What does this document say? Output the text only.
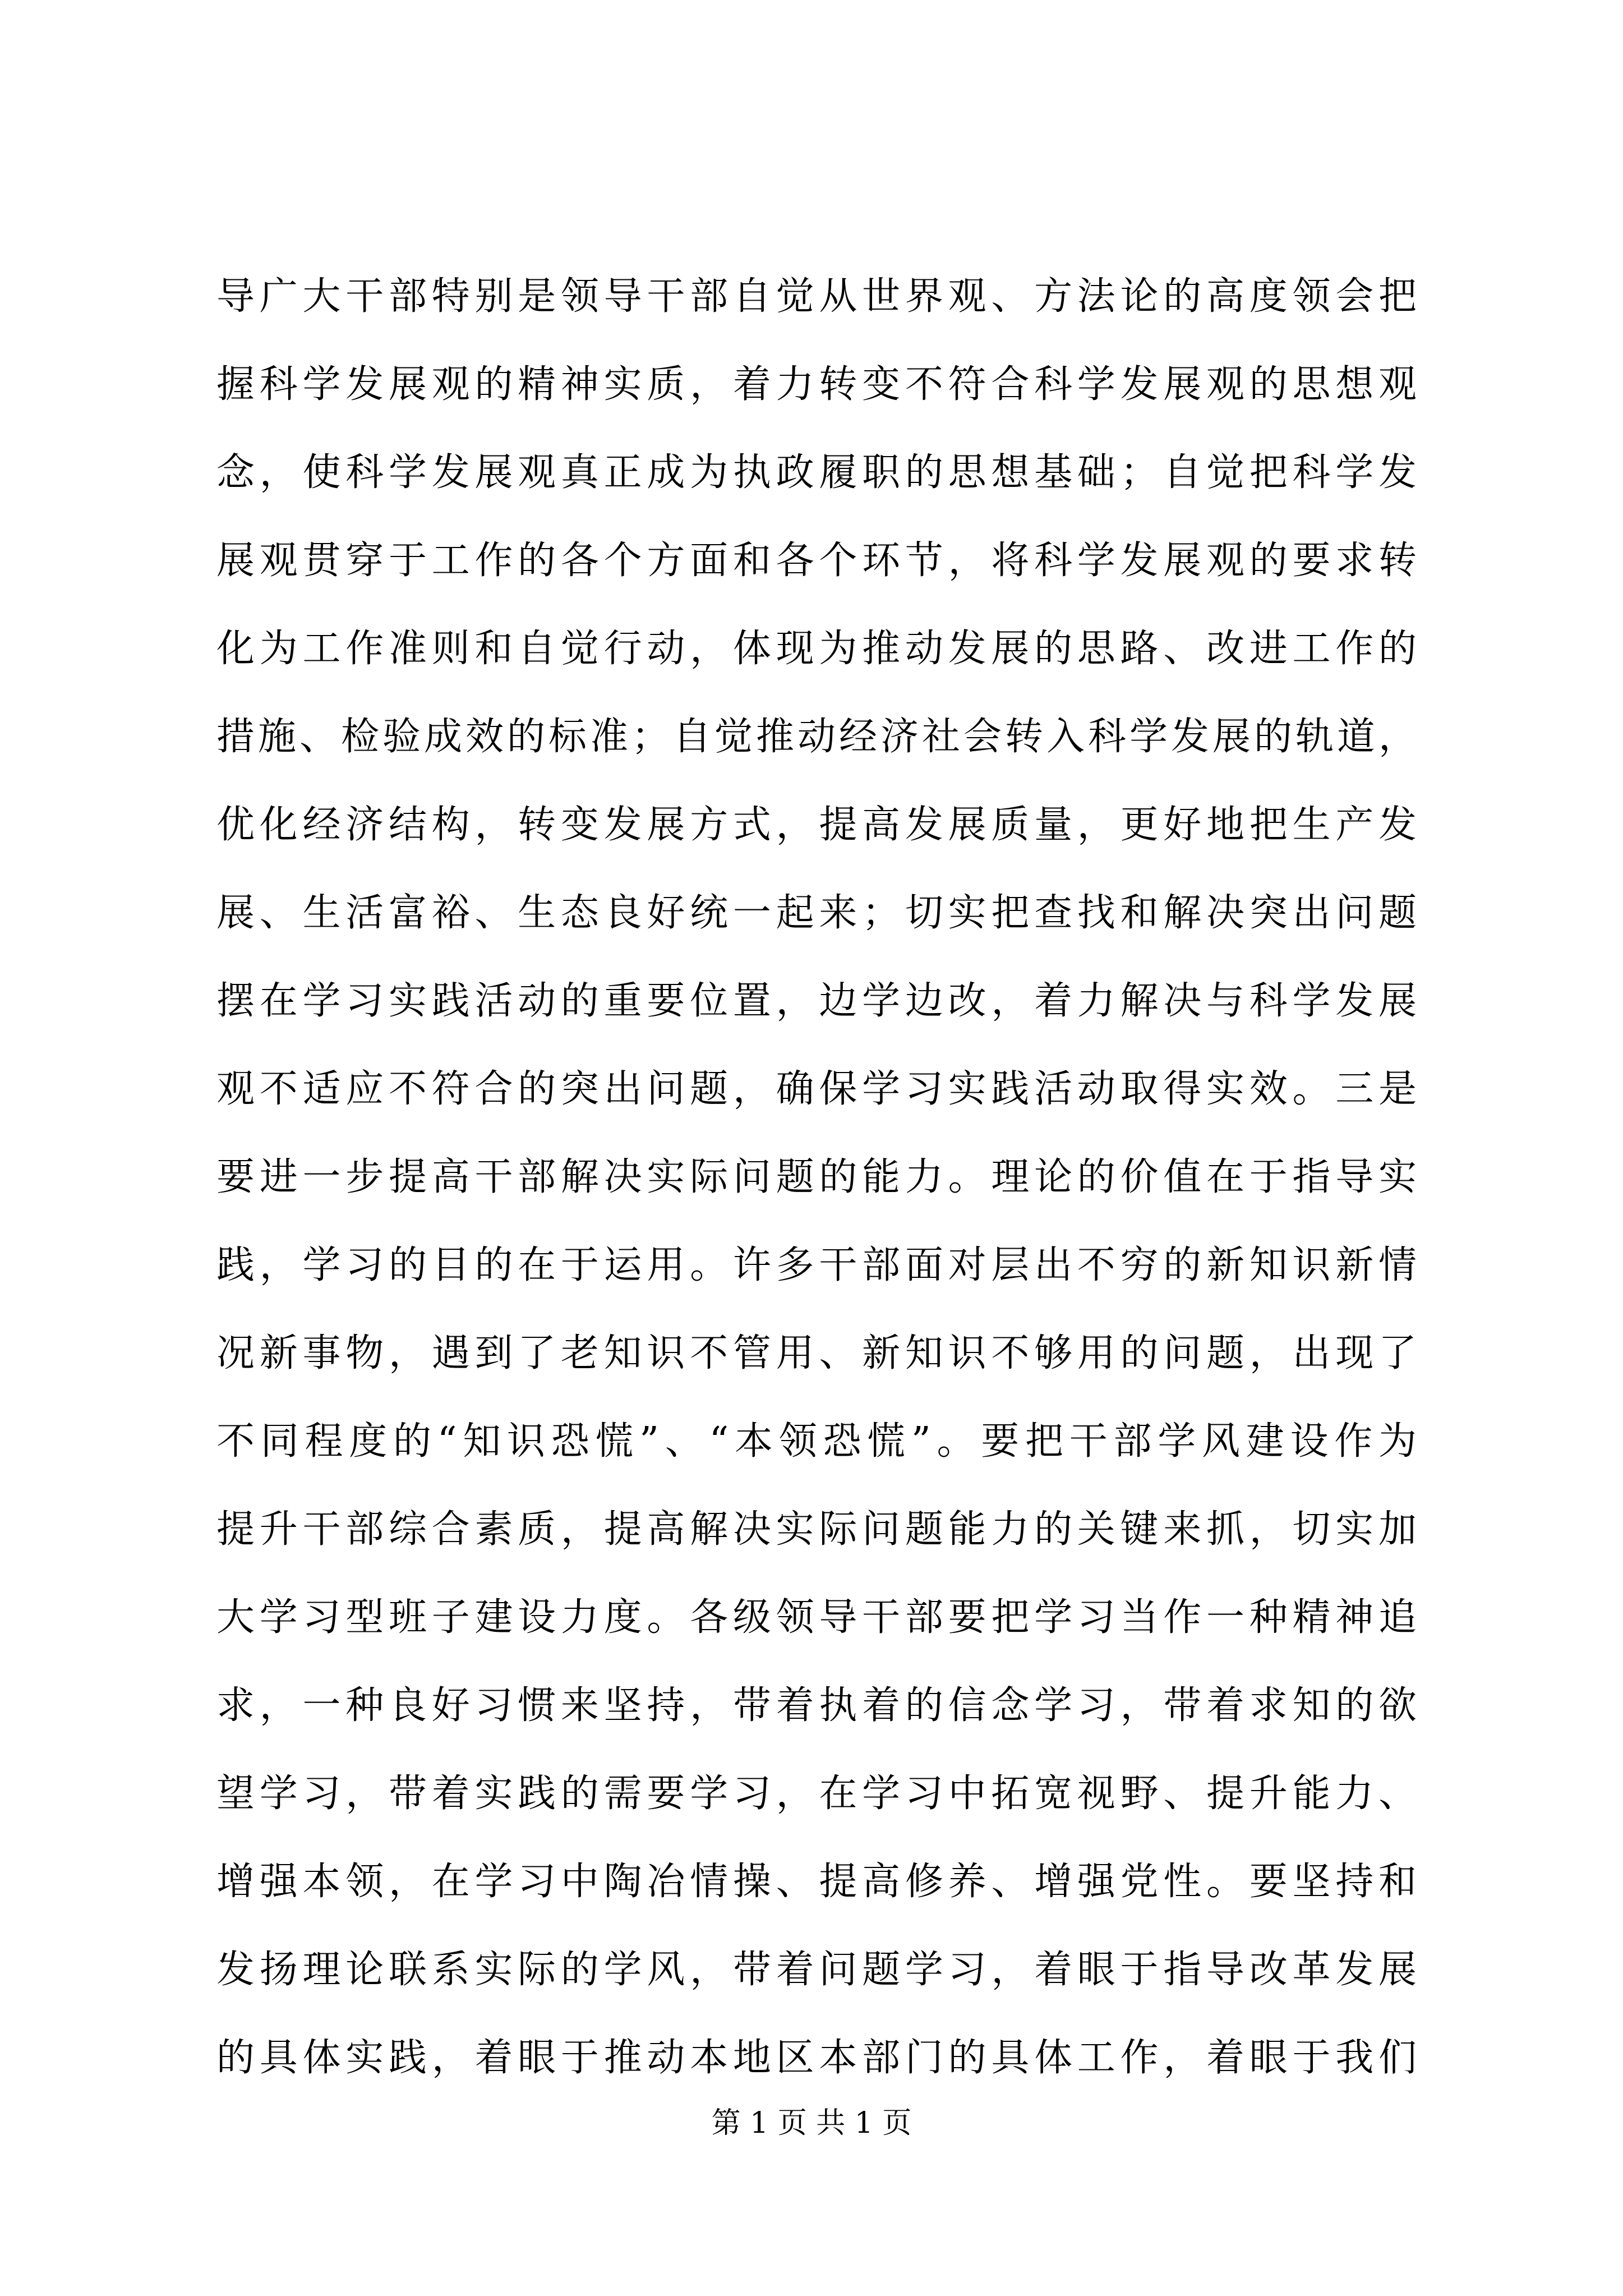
导广大干部特别是领导干部自觉从世界观、方法论的高度领会把
握科学发展观的精神实质，着力转变不符合科学发展观的思想观
念，使科学发展观真正成为执政履职的思想基础；自觉把科学发
展观贯穿于工作的各个方面和各个环节，将科学发展观的要求转
化为工作准则和自觉行动，体现为推动发展的思路、改进工作的
措施、检验成效的标准；自觉推动经济社会转入科学发展的轨道，
优化经济结构，转变发展方式，提高发展质量，更好地把生产发
展、生活富裕、生态良好统一起来；切实把查找和解决突出问题
摆在学习实践活动的重要位置，边学边改，着力解决与科学发展
观不适应不符合的突出问题，确保学习实践活动取得实效。三是
要进一步提高干部解决实际问题的能力。理论的价值在于指导实
践，学习的目的在于运用。许多干部面对层出不穷的新知识新情
况新事物，遇到了老知识不管用、新知识不够用的问题，出现了
不同程度的“知识恐慌”、“本领恐慌”。要把干部学风建设作为
提升干部综合素质，提高解决实际问题能力的关键来抓，切实加
大学习型班子建设力度。各级领导干部要把学习当作一种精神追
求，一种良好习惯来坚持，带着执着的信念学习，带着求知的欲
望学习，带着实践的需要学习，在学习中拓宽视野、提升能力、
增强本领，在学习中陶冶情操、提高修养、增强党性。要坚持和
发扬理论联系实际的学风，带着问题学习，着眼于指导改革发展
的具体实践，着眼于推动本地区本部门的具体工作，着眼于我们
第 1 页 共 1 页
